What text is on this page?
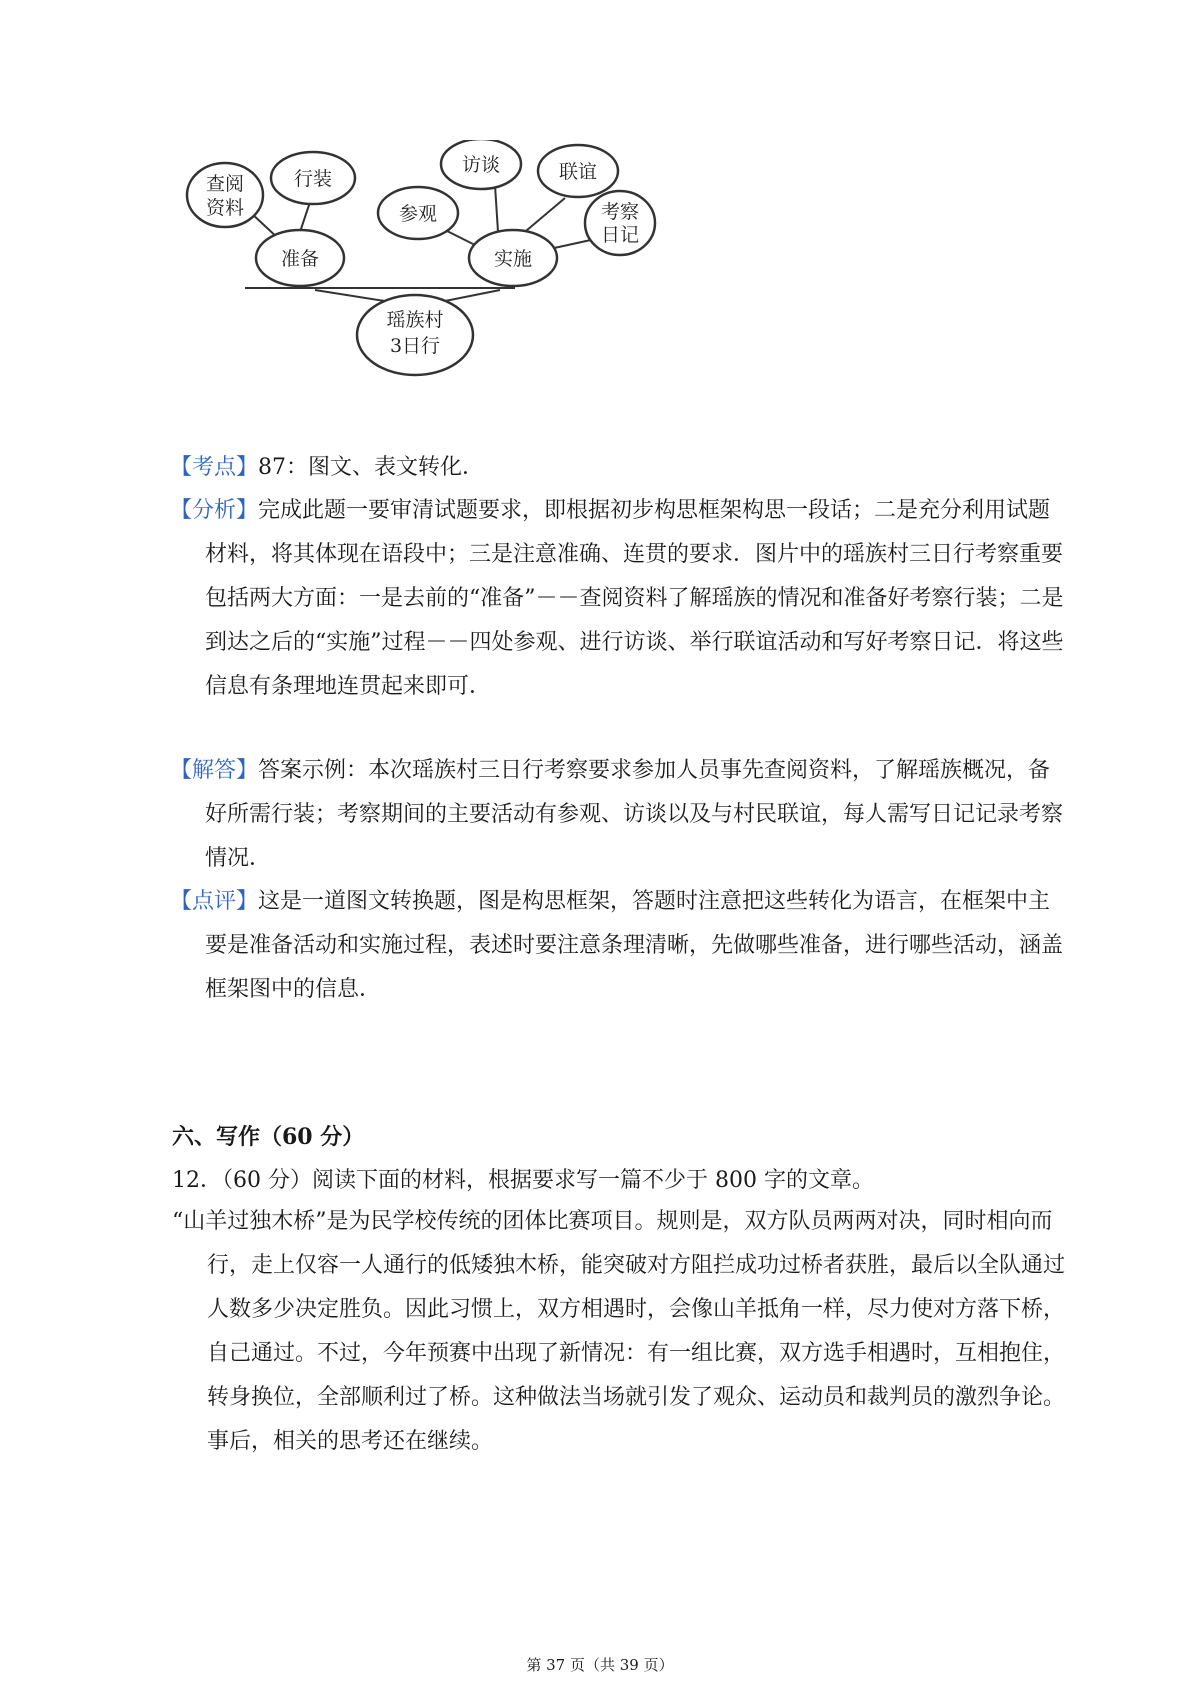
瑶族村
3日行
准备
查阅
资料
行装
实施
参观
访谈	联谊
考察
日记
【考点】87：图文、表文转化．
【分析】完成此题一要审清试题要求，即根据初步构思框架构思一段话；二是充分利用试题材料，将其体现在语段中；三是注意准确、连贯的要求．图片中的瑶族村三日行考察重要包括两大方面：一是去前的“准备”－－查阅资料了解瑶族的情况和准备好考察行装；二是到达之后的“实施”过程－－四处参观、进行访谈、举行联谊活动和写好考察日记．将这些信息有条理地连贯起来即可．
【解答】答案示例：本次瑶族村三日行考察要求参加人员事先查阅资料，了解瑶族概况，备好所需行装；考察期间的主要活动有参观、访谈以及与村民联谊，每人需写日记记录考察情况．
【点评】这是一道图文转换题，图是构思框架，答题时注意把这些转化为语言，在框架中主要是准备活动和实施过程，表述时要注意条理清晰，先做哪些准备，进行哪些活动，涵盖框架图中的信息．
六、写作（60 分）
12．（60 分）阅读下面的材料，根据要求写一篇不少于 800 字的文章。
“山羊过独木桥”是为民学校传统的团体比赛项目。规则是，双方队员两两对决，同时相向而行，走上仅容一人通行的低矮独木桥，能突破对方阻拦成功过桥者获胜，最后以全队通过人数多少决定胜负。因此习惯上，双方相遇时，会像山羊抵角一样，尽力使对方落下桥，自己通过。不过，今年预赛中出现了新情况：有一组比赛，双方选手相遇时，互相抱住，转身换位，全部顺利过了桥。这种做法当场就引发了观众、运动员和裁判员的激烈争论。事后，相关的思考还在继续。
第 37 页（共 39 页）
